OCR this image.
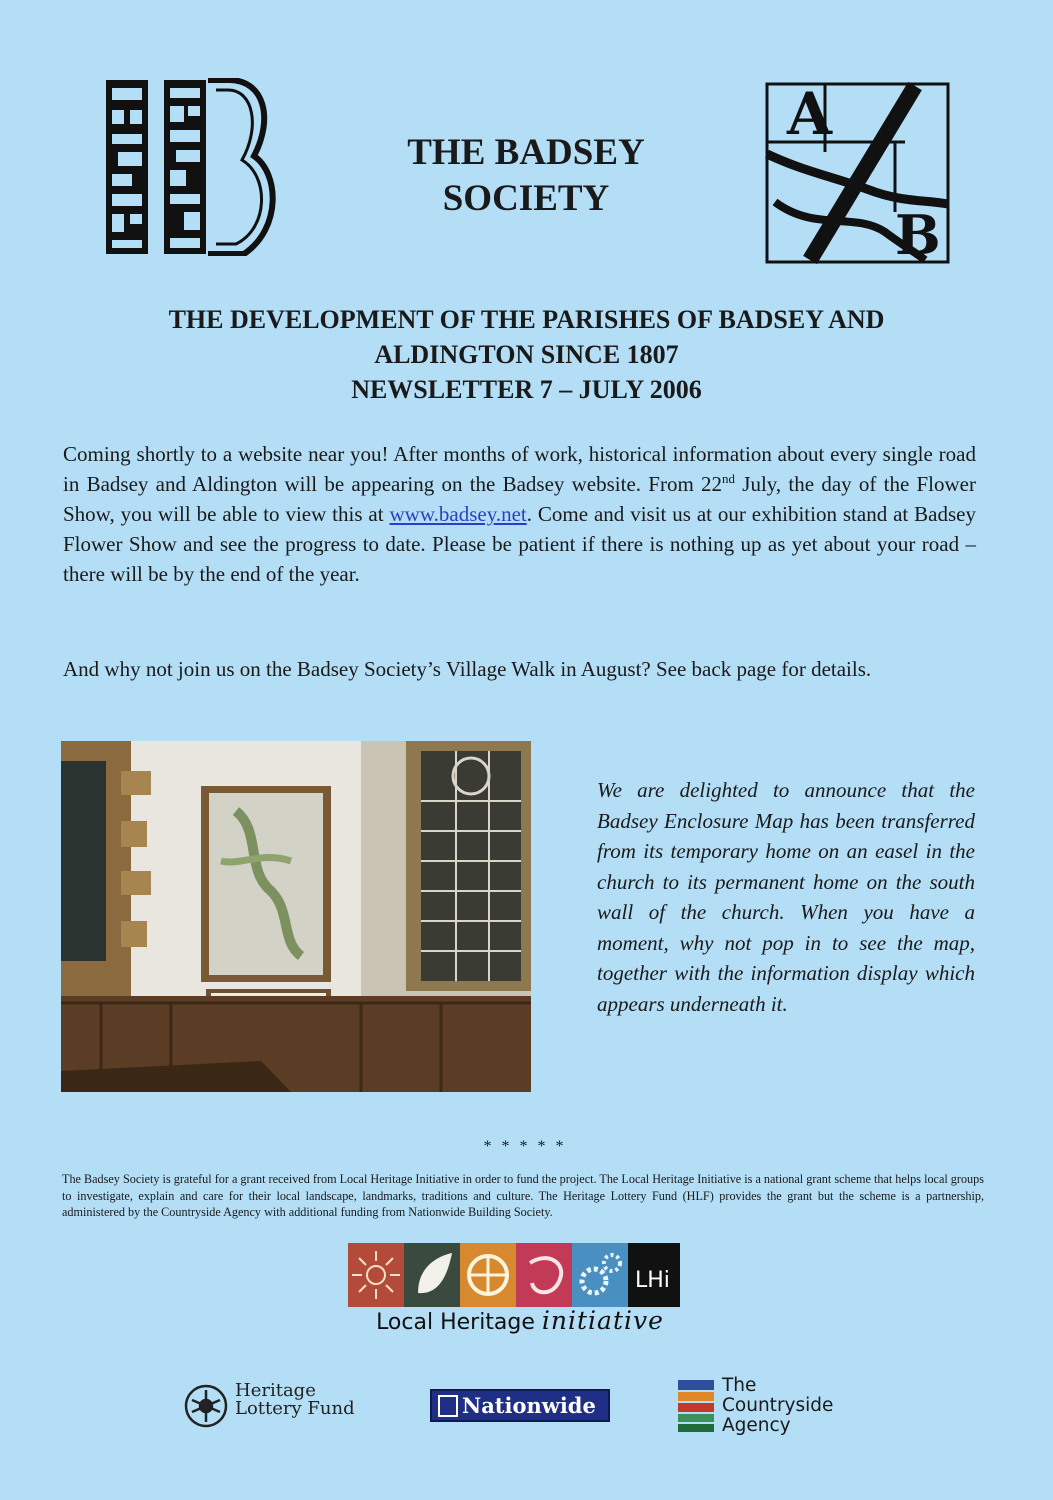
THE BADSEY
SOCIETY
A
B
THE DEVELOPMENT OF THE PARISHES OF BADSEY AND
ALDINGTON SINCE 1807
NEWSLETTER 7 – JULY 2006

Coming shortly to a website near you! After months of work, historical information about every single road in Badsey and Aldington will be appearing on the Badsey website. From 22nd July, the day of the Flower Show, you will be able to view this at www.badsey.net. Come and visit us at our exhibition stand at Badsey Flower Show and see the progress to date. Please be patient if there is nothing up as yet about your road – there will be by the end of the year.

And why not join us on the Badsey Society’s Village Walk in August? See back page for details.

We are delighted to announce that the Badsey Enclosure Map has been transferred from its temporary home on an easel in the church to its permanent home on the south wall of the church. When you have a moment, why not pop in to see the map, together with the information display which appears underneath it.

* * * * *

The Badsey Society is grateful for a grant received from Local Heritage Initiative in order to fund the project. The Local Heritage Initiative is a national grant scheme that helps local groups to investigate, explain and care for their local landscape, landmarks, traditions and culture. The Heritage Lottery Fund (HLF) provides the grant but the scheme is a partnership, administered by the Countryside Agency with additional funding from Nationwide Building Society.

LHi
Local Heritage initiative
Heritage
Lottery Fund	Nationwide
The
Countryside
Agency
